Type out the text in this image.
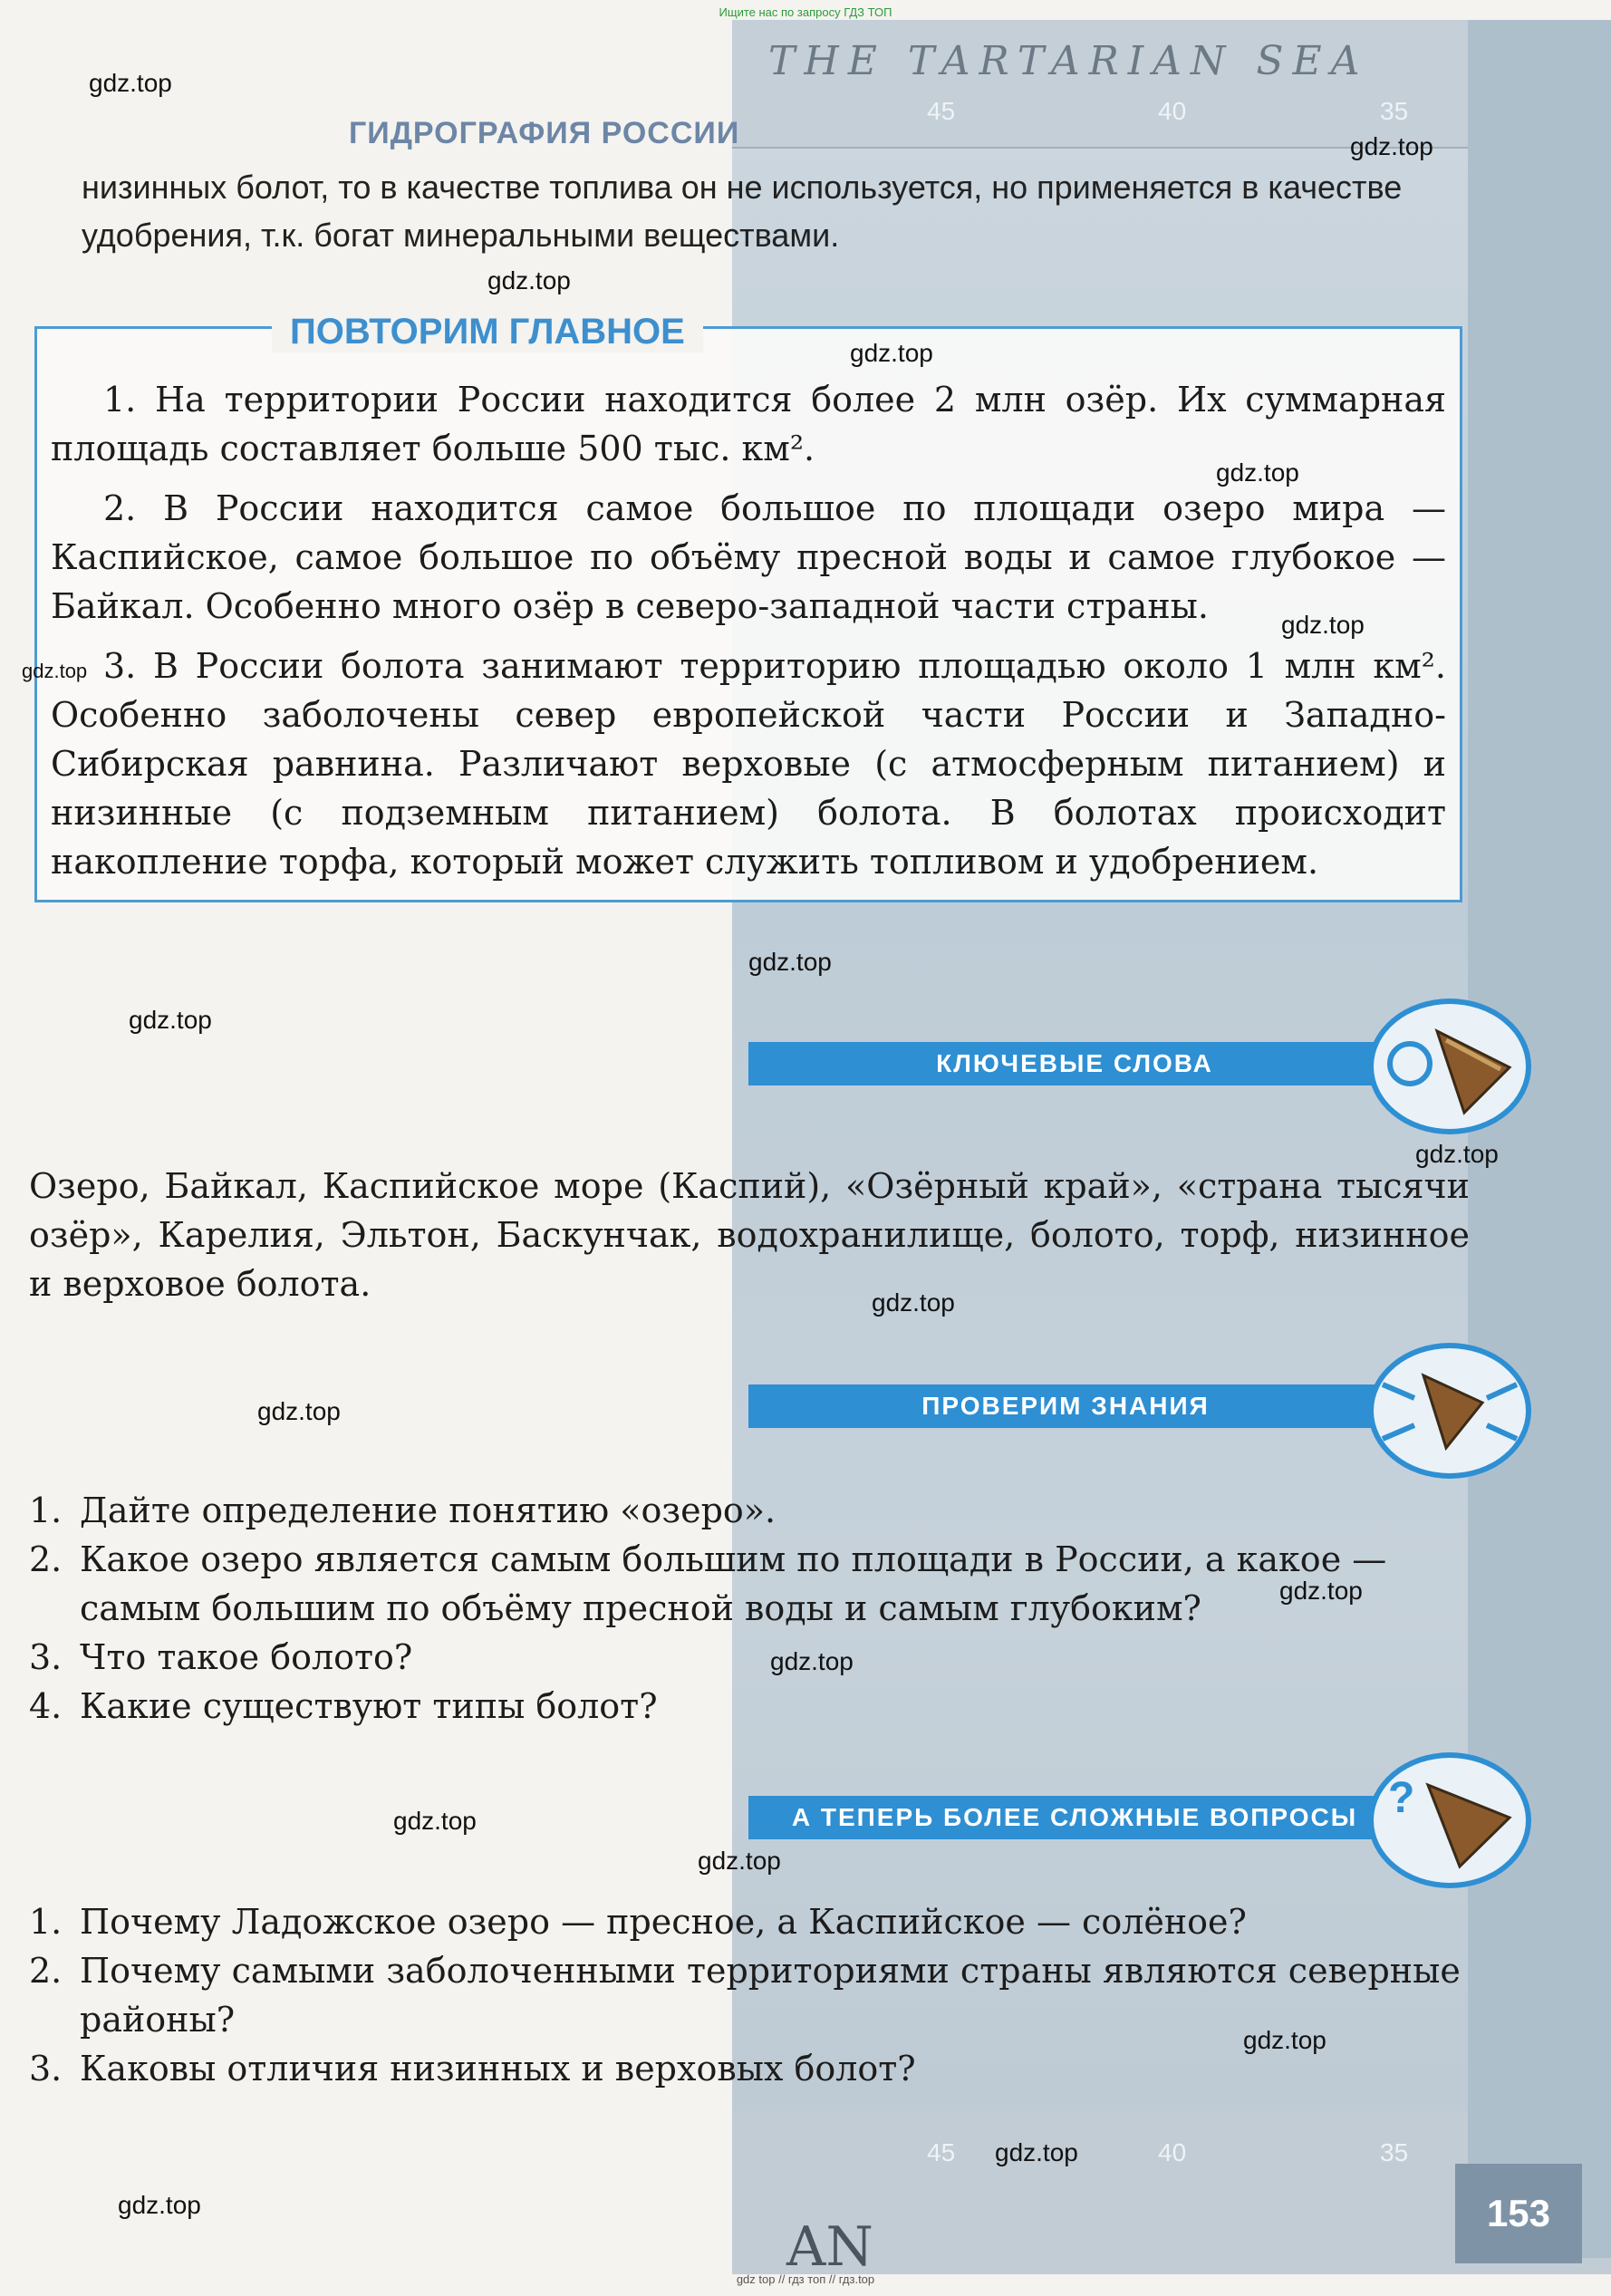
Ищите нас по запросу ГДЗ ТОП
THE TARTARIAN SEA
45	40	35
45	40	35
AN
ГИДРОГРАФИЯ РОССИИ
низинных болот, то в качестве топлива он не используется, но применяется в качестве удобрения, т.к. богат минеральными веществами.
ПОВТОРИМ ГЛАВНОЕ

1. На территории России находится более 2 млн озёр. Их суммарная площадь составляет больше 500 тыс. км².

2. В России находится самое большое по площади озеро мира — Каспийское, самое большое по объёму пресной воды и самое глубокое — Байкал. Особенно много озёр в северо-западной части страны.

3. В России болота занимают территорию площадью около 1 млн км². Особенно заболочены север европейской части России и Западно-Сибирская равнина. Различают верховые (с атмосферным питанием) и низинные (с подземным питанием) болота. В болотах происходит накопление торфа, который может служить топливом и удобрением.

КЛЮЧЕВЫЕ СЛОВА
Озеро, Байкал, Каспийское море (Каспий), «Озёрный край», «страна тысячи озёр», Карелия, Эльтон, Баскунчак, водохранилище, болото, торф, низинное и верховое болота.
ПРОВЕРИМ ЗНАНИЯ
1. Дайте определение понятию «озеро».
2. Какое озеро является самым большим по площади в России, а какое — самым большим по объёму пресной воды и самым глубоким?
3. Что такое болото?
4. Какие существуют типы болот?
А ТЕПЕРЬ БОЛЕЕ СЛОЖНЫЕ ВОПРОСЫ ?
1. Почему Ладожское озеро — пресное, а Каспийское — солёное?
2. Почему самыми заболоченными территориями страны являются северные районы?
3. Каковы отличия низинных и верховых болот?
153
gdz.top
gdz.top
gdz.top
gdz.top
gdz.top
gdz.top
gdz.top
gdz.top
gdz.top
gdz.top
gdz.top
gdz.top
gdz.top
gdz.top
gdz.top
gdz.top
gdz.top
gdz.top
gdz.top
gdz top // гдз топ // гдз.top
